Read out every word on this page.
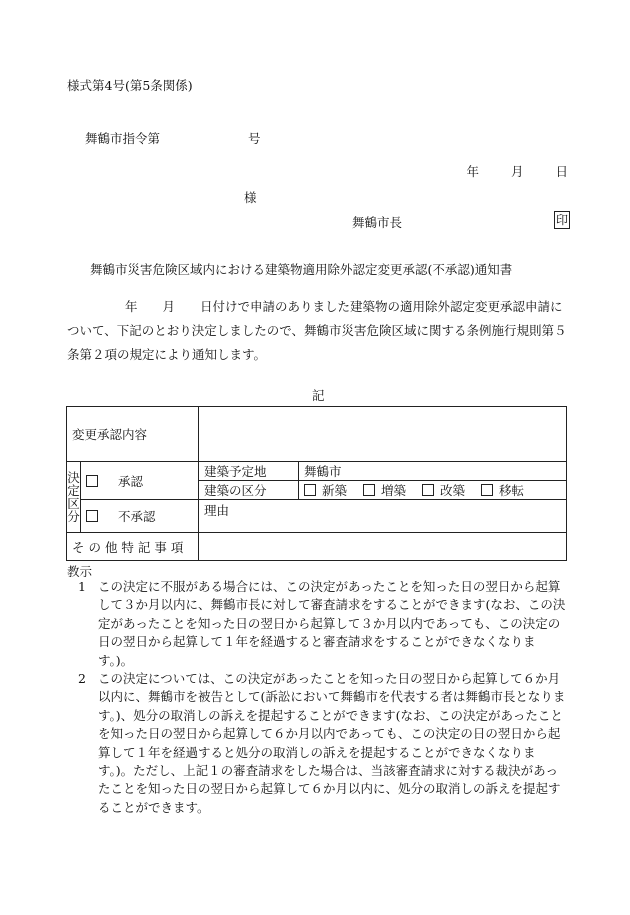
様式第4号(第5条関係)
舞鶴市指令第	号
年	月	日
様
舞鶴市長	印
舞鶴市災害危険区域内における建築物適用除外認定変更承認(不承認)通知書
年　　月　　日付けで申請のありました建築物の適用除外認定変更承認申請について、下記のとおり決定しましたので、舞鶴市災害危険区域に関する条例施行規則第５条第２項の規定により通知します。
記
変更承認内容			
決
定
区
分	承認	建築予定地	舞鶴市
		建築の区分	新築 増築 改築 移転
	不承認	理由	
そ の 他 特 記 事 項			
教示
1 この決定に不服がある場合には、この決定があったことを知った日の翌日から起算して３か月以内に、舞鶴市長に対して審査請求をすることができます(なお、この決定があったことを知った日の翌日から起算して３か月以内であっても、この決定の日の翌日から起算して１年を経過すると審査請求をすることができなくなります。)。
2 この決定については、この決定があったことを知った日の翌日から起算して６か月以内に、舞鶴市を被告として(訴訟において舞鶴市を代表する者は舞鶴市長となります。)、処分の取消しの訴えを提起することができます(なお、この決定があったことを知った日の翌日から起算して６か月以内であっても、この決定の日の翌日から起算して１年を経過すると処分の取消しの訴えを提起することができなくなります。)。ただし、上記１の審査請求をした場合は、当該審査請求に対する裁決があったことを知った日の翌日から起算して６か月以内に、処分の取消しの訴えを提起することができます。
